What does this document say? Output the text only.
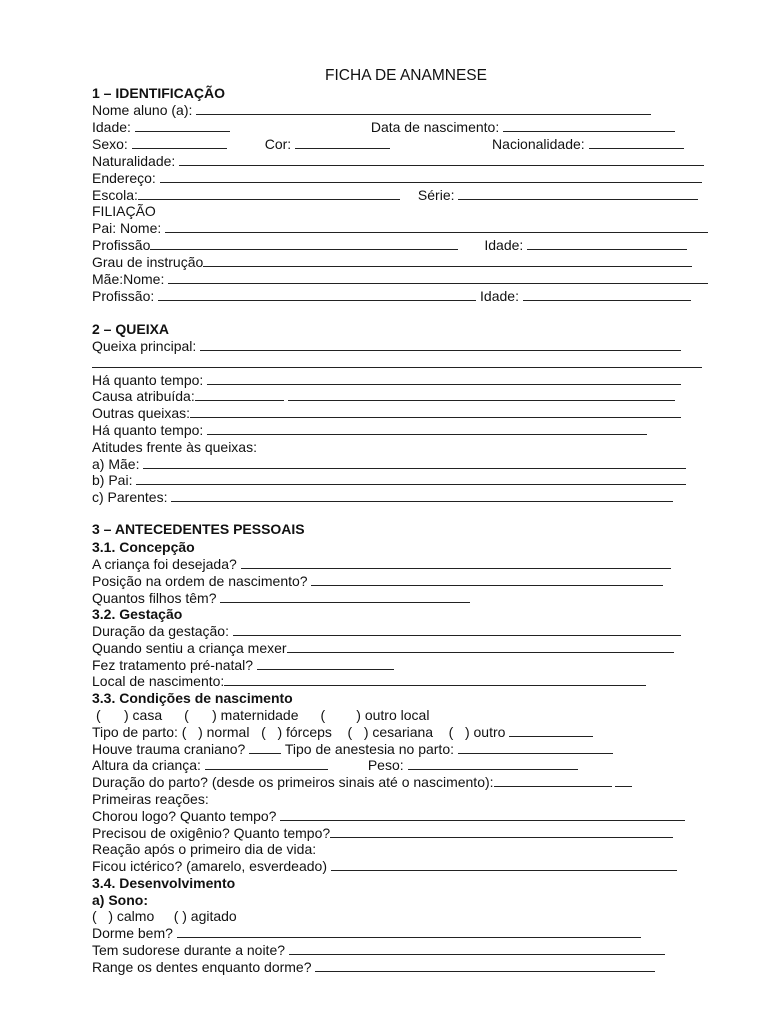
FICHA DE ANAMNESE
1 – IDENTIFICAÇÃO
Nome aluno (a):
Idade:	Data de nascimento:
Sexo:	Cor:	Nacionalidade:
Naturalidade:
Endereço:
Escola:	Série:
FILIAÇÃO
Pai: Nome:
Profissão	Idade:
Grau de instrução
Mãe:Nome:
Profissão:	Idade:
2 – QUEIXA
Queixa principal:
Há quanto tempo:
Causa atribuída:
Outras queixas:
Há quanto tempo:
Atitudes frente às queixas:
a) Mãe:
b) Pai:
c) Parentes:
3 – ANTECEDENTES PESSOAIS
3.1. Concepção
A criança foi desejada?
Posição na ordem de nascimento?
Quantos filhos têm?
3.2. Gestação
Duração da gestação:
Quando sentiu a criança mexer
Fez tratamento pré-natal?
Local de nascimento:
3.3. Condições de nascimento
(      ) casa (      ) maternidade (        ) outro local
Tipo de parto: (   ) normal (   ) fórceps (   ) cesariana (   ) outro
Houve trauma craniano?	Tipo de anestesia no parto:
Altura da criança:	Peso:
Duração do parto? (desde os primeiros sinais até o nascimento):
Primeiras reações:
Chorou logo? Quanto tempo?
Precisou de oxigênio? Quanto tempo?
Reação após o primeiro dia de vida:
Ficou ictérico? (amarelo, esverdeado)
3.4. Desenvolvimento
a) Sono:
(   ) calmo ( ) agitado
Dorme bem?
Tem sudorese durante a noite?
Range os dentes enquanto dorme?
